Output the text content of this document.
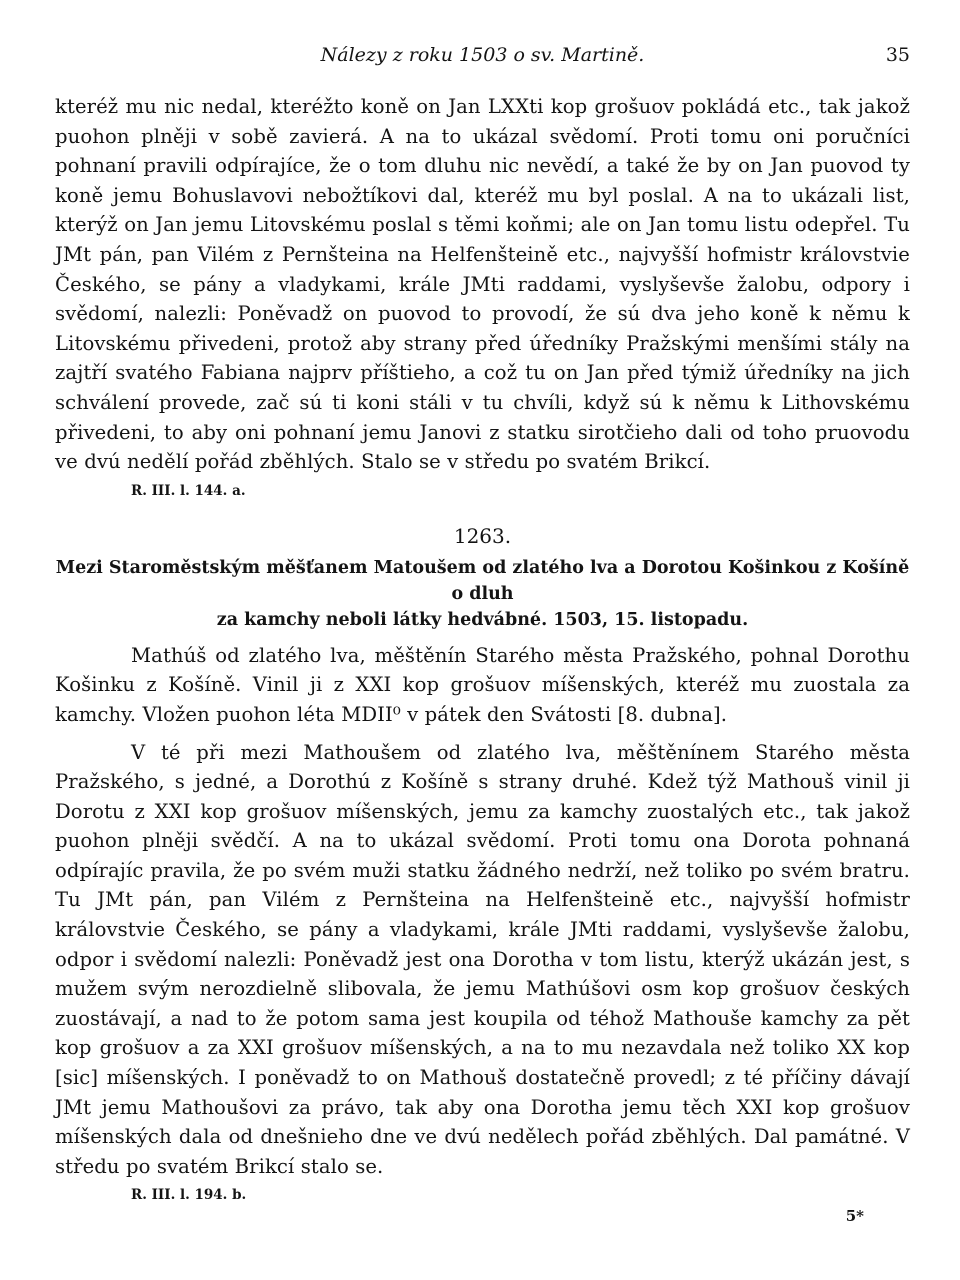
Nálezy z roku 1503 o sv. Martině.	35

kteréž mu nic nedal, kteréžto koně on Jan LXXti kop grošuov pokládá etc., tak jakož puohon plněji v sobě zavierá. A na to ukázal svědomí. Proti tomu oni poručníci pohnaní pravili odpírajíce, že o tom dluhu nic nevědí, a také že by on Jan puovod ty koně jemu Bohuslavovi nebožtíkovi dal, kteréž mu byl poslal. A na to ukázali list, kterýž on Jan jemu Litovskému poslal s těmi koňmi; ale on Jan tomu listu odepřel. Tu JMt pán, pan Vilém z Pernšteina na Helfenšteině etc., najvyšší hofmistr královstvie Českého, se pány a vladykami, krále JMti raddami, vyslyševše žalobu, odpory i svědomí, nalezli: Poněvadž on puovod to provodí, že sú dva jeho koně k němu k Litovskému přivedeni, protož aby strany před úředníky Pražskými menšími stály na zajtří svatého Fabiana najprv příštieho, a což tu on Jan před týmiž úředníky na jich schválení provede, zač sú ti koni stáli v tu chvíli, když sú k němu k Lithovskému přivedeni, to aby oni pohnaní jemu Janovi z statku sirotčieho dali od toho pruovodu ve dvú nedělí pořád zběhlých. Stalo se v středu po svatém Brikcí.

R. III. l. 144. a.
1263.
Mezi Staroměstským měšťanem Matoušem od zlatého lva a Dorotou Košinkou z Košíně o dluh
za kamchy neboli látky hedvábné. 1503, 15. listopadu.

Mathúš od zlatého lva, měštěnín Starého města Pražského, pohnal Dorothu Košinku z Košíně. Vinil ji z XXI kop grošuov míšenských, kteréž mu zuostala za kamchy. Vložen puohon léta MDII⁰ v pátek den Svátosti [8. dubna].

V té při mezi Mathoušem od zlatého lva, měštěnínem Starého města Pražského, s jedné, a Dorothú z Košíně s strany druhé. Kdež týž Mathouš vinil ji Dorotu z XXI kop grošuov míšenských, jemu za kamchy zuostalých etc., tak jakož puohon plněji svědčí. A na to ukázal svědomí. Proti tomu ona Dorota pohnaná odpírajíc pravila, že po svém muži statku žádného nedrží, než toliko po svém bratru. Tu JMt pán, pan Vilém z Pernšteina na Helfenšteině etc., najvyšší hofmistr královstvie Českého, se pány a vladykami, krále JMti raddami, vyslyševše žalobu, odpor i svědomí nalezli: Poněvadž jest ona Dorotha v tom listu, kterýž ukázán jest, s mužem svým nerozdielně slibovala, že jemu Mathúšovi osm kop grošuov českých zuostávají, a nad to že potom sama jest koupila od téhož Mathouše kamchy za pět kop grošuov a za XXI grošuov míšenských, a na to mu nezavdala než toliko XX kop [sic] míšenských. I poněvadž to on Mathouš dostatečně provedl; z té příčiny dávají JMt jemu Mathoušovi za právo, tak aby ona Dorotha jemu těch XXI kop grošuov míšenských dala od dnešnieho dne ve dvú nedělech pořád zběhlých. Dal památné. V středu po svatém Brikcí stalo se.

R. III. l. 194. b.
5*
